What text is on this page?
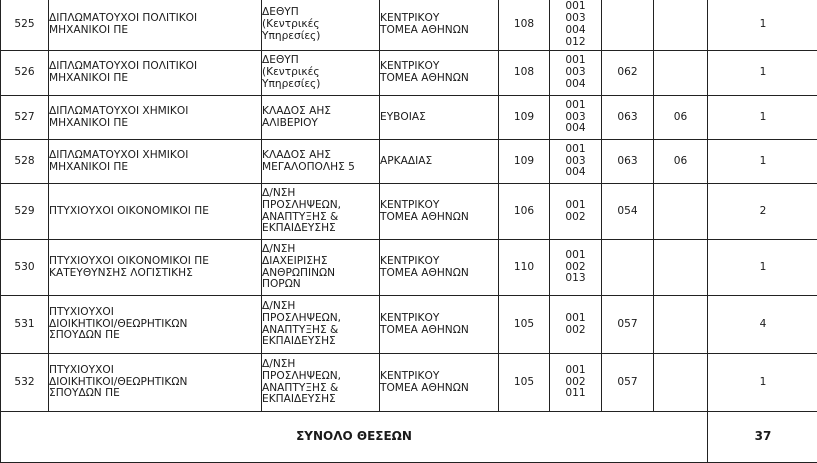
525	ΔΙΠΛΩΜΑΤΟΥΧΟΙ ΠΟΛΙΤΙΚΟΙ
ΜΗΧΑΝΙΚΟΙ ΠΕ	ΔΕΘΥΠ
(Κεντρικές
Υπηρεσίες)	ΚΕΝΤΡΙΚΟΥ
ΤΟΜΕΑ ΑΘΗΝΩΝ	108	001
003
004
012			1
526	ΔΙΠΛΩΜΑΤΟΥΧΟΙ ΠΟΛΙΤΙΚΟΙ
ΜΗΧΑΝΙΚΟΙ ΠΕ	ΔΕΘΥΠ
(Κεντρικές
Υπηρεσίες)	ΚΕΝΤΡΙΚΟΥ
ΤΟΜΕΑ ΑΘΗΝΩΝ	108	001
003
004	062		1
527	ΔΙΠΛΩΜΑΤΟΥΧΟΙ ΧΗΜΙΚΟΙ
ΜΗΧΑΝΙΚΟΙ ΠΕ	ΚΛΑΔΟΣ ΑΗΣ
ΑΛΙΒΕΡΙΟΥ	ΕΥΒΟΙΑΣ	109	001
003
004	063	06	1
528	ΔΙΠΛΩΜΑΤΟΥΧΟΙ ΧΗΜΙΚΟΙ
ΜΗΧΑΝΙΚΟΙ ΠΕ	ΚΛΑΔΟΣ ΑΗΣ
ΜΕΓΑΛΟΠΟΛΗΣ 5	ΑΡΚΑΔΙΑΣ	109	001
003
004	063	06	1
529	ΠΤΥΧΙΟΥΧΟΙ ΟΙΚΟΝΟΜΙΚΟΙ ΠΕ	Δ/ΝΣΗ
ΠΡΟΣΛΗΨΕΩΝ,
ΑΝΑΠΤΥΞΗΣ &
ΕΚΠΑΙΔΕΥΣΗΣ	ΚΕΝΤΡΙΚΟΥ
ΤΟΜΕΑ ΑΘΗΝΩΝ	106	001
002	054		2
530	ΠΤΥΧΙΟΥΧΟΙ ΟΙΚΟΝΟΜΙΚΟΙ ΠΕ
ΚΑΤΕΥΘΥΝΣΗΣ ΛΟΓΙΣΤΙΚΗΣ	Δ/ΝΣΗ
ΔΙΑΧΕΙΡΙΣΗΣ
ΑΝΘΡΩΠΙΝΩΝ
ΠΟΡΩΝ	ΚΕΝΤΡΙΚΟΥ
ΤΟΜΕΑ ΑΘΗΝΩΝ	110	001
002
013			1
531	ΠΤΥΧΙΟΥΧΟΙ
ΔΙΟΙΚΗΤΙΚΟΙ/ΘΕΩΡΗΤΙΚΩΝ
ΣΠΟΥΔΩΝ ΠΕ	Δ/ΝΣΗ
ΠΡΟΣΛΗΨΕΩΝ,
ΑΝΑΠΤΥΞΗΣ &
ΕΚΠΑΙΔΕΥΣΗΣ	ΚΕΝΤΡΙΚΟΥ
ΤΟΜΕΑ ΑΘΗΝΩΝ	105	001
002	057		4
532	ΠΤΥΧΙΟΥΧΟΙ
ΔΙΟΙΚΗΤΙΚΟΙ/ΘΕΩΡΗΤΙΚΩΝ
ΣΠΟΥΔΩΝ ΠΕ	Δ/ΝΣΗ
ΠΡΟΣΛΗΨΕΩΝ,
ΑΝΑΠΤΥΞΗΣ &
ΕΚΠΑΙΔΕΥΣΗΣ	ΚΕΝΤΡΙΚΟΥ
ΤΟΜΕΑ ΑΘΗΝΩΝ	105	001
002
011	057		1
ΣΥΝΟΛΟ ΘΕΣΕΩΝ								37
